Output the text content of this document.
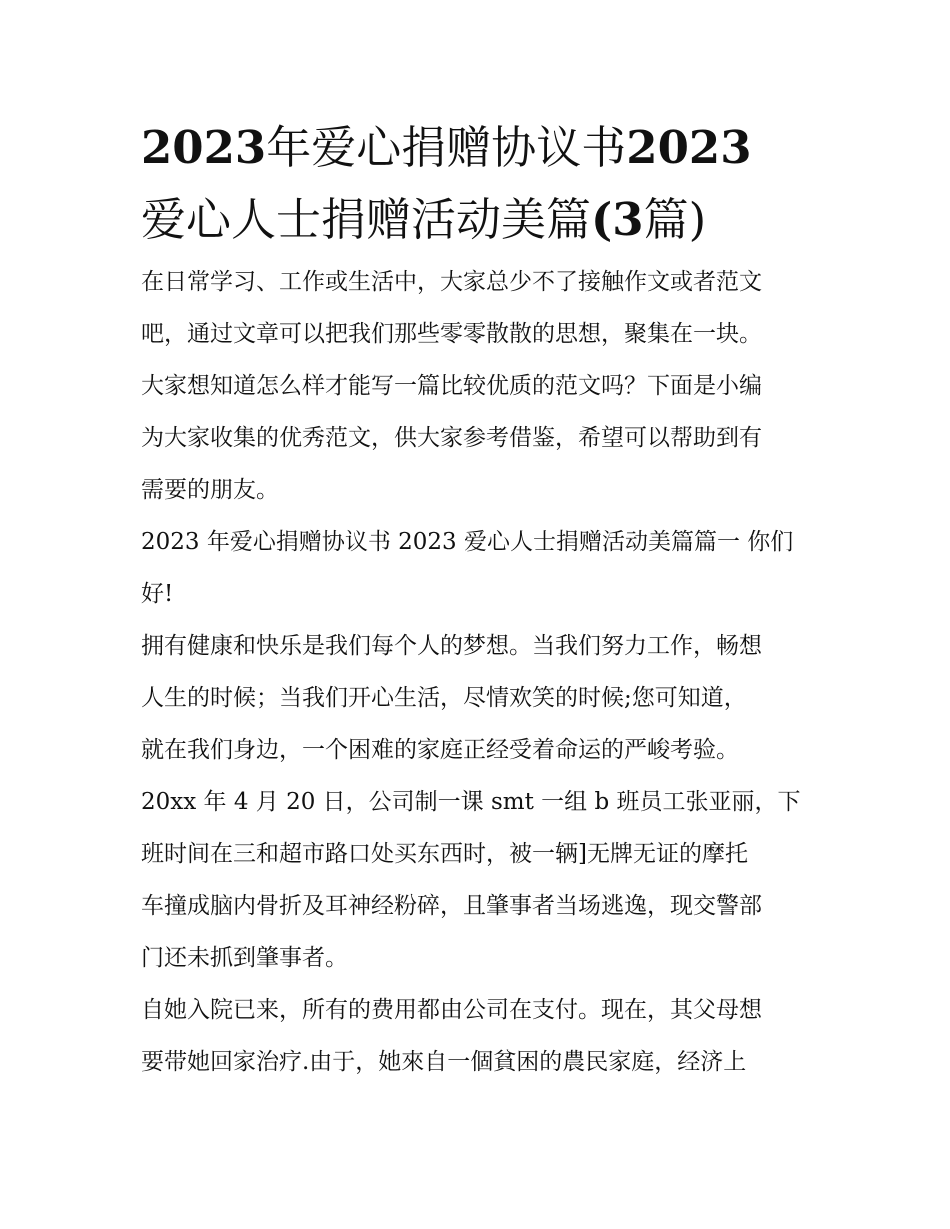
2023年爱心捐赠协议书2023
爱心人士捐赠活动美篇(3篇)

在日常学习、工作或生活中，大家总少不了接触作文或者范文
吧，通过文章可以把我们那些零零散散的思想，聚集在一块。
大家想知道怎么样才能写一篇比较优质的范文吗？下面是小编
为大家收集的优秀范文，供大家参考借鉴，希望可以帮助到有
需要的朋友。

2023 年爱心捐赠协议书 2023 爱心人士捐赠活动美篇篇一 你们
好!

拥有健康和快乐是我们每个人的梦想。当我们努力工作，畅想
人生的时候；当我们开心生活，尽情欢笑的时候;您可知道，
就在我们身边，一个困难的家庭正经受着命运的严峻考验。

20xx 年 4 月 20 日，公司制一课 smt 一组 b 班员工张亚丽，下
班时间在三和超市路口处买东西时，被一辆]无牌无证的摩托
车撞成脑内骨折及耳神经粉碎，且肇事者当场逃逸，现交警部
门还未抓到肇事者。

自她入院已来，所有的费用都由公司在支付。现在，其父母想
要带她回家治疗.由于，她來自一個貧困的農民家庭，经济上
